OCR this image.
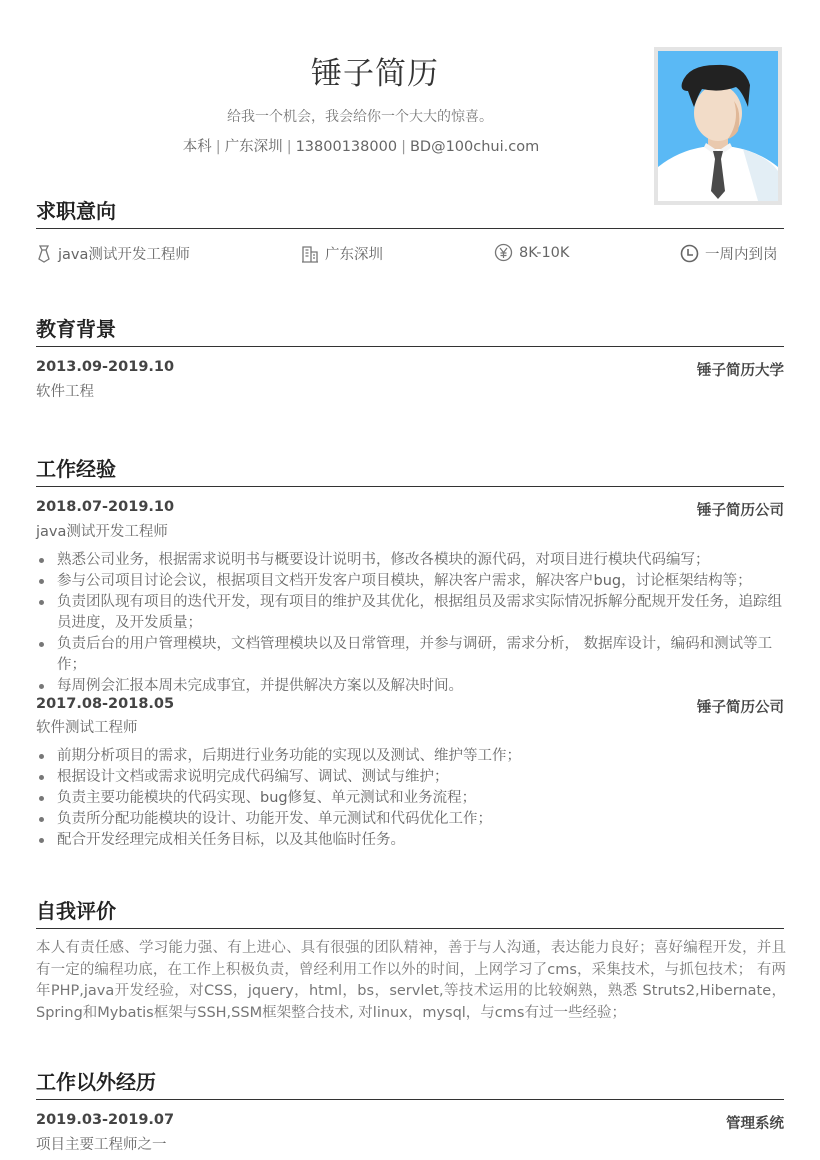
锤子简历
给我一个机会，我会给你一个大大的惊喜。
本科 | 广东深圳 | 13800138000 | BD@100chui.com
求职意向
java测试开发工程师	广东深圳	8K-10K	一周内到岗
教育背景
2013.09-2019.10	锤子简历大学
软件工程
工作经验
2018.07-2019.10	锤子简历公司
java测试开发工程师
熟悉公司业务，根据需求说明书与概要设计说明书，修改各模块的源代码，对项目进行模块代码编写；
参与公司项目讨论会议，根据项目文档开发客户项目模块，解决客户需求，解决客户bug，讨论框架结构等；
负责团队现有项目的迭代开发，现有项目的维护及其优化，根据组员及需求实际情况拆解分配规开发任务，追踪组员进度，及开发质量；
负责后台的用户管理模块，文档管理模块以及日常管理，并参与调研，需求分析， 数据库设计，编码和测试等工作；
每周例会汇报本周未完成事宜，并提供解决方案以及解决时间。
2017.08-2018.05	锤子简历公司
软件测试工程师
前期分析项目的需求，后期进行业务功能的实现以及测试、维护等工作；
根据设计文档或需求说明完成代码编写、调试、测试与维护；
负责主要功能模块的代码实现、bug修复、单元测试和业务流程；
负责所分配功能模块的设计、功能开发、单元测试和代码优化工作；
配合开发经理完成相关任务目标，以及其他临时任务。
自我评价
本人有责任感、学习能力强、有上进心、具有很强的团队精神，善于与人沟通，表达能力良好；喜好编程开发，并且有一定的编程功底，在工作上积极负责，曾经利用工作以外的时间，上网学习了cms，采集技术，与抓包技术； 有两年PHP,java开发经验，对CSS，jquery，html，bs，servlet,等技术运用的比较娴熟，熟悉 Struts2,Hibernate，Spring和Mybatis框架与SSH,SSM框架整合技术, 对linux，mysql，与cms有过一些经验；
工作以外经历
2019.03-2019.07	管理系统
项目主要工程师之一
